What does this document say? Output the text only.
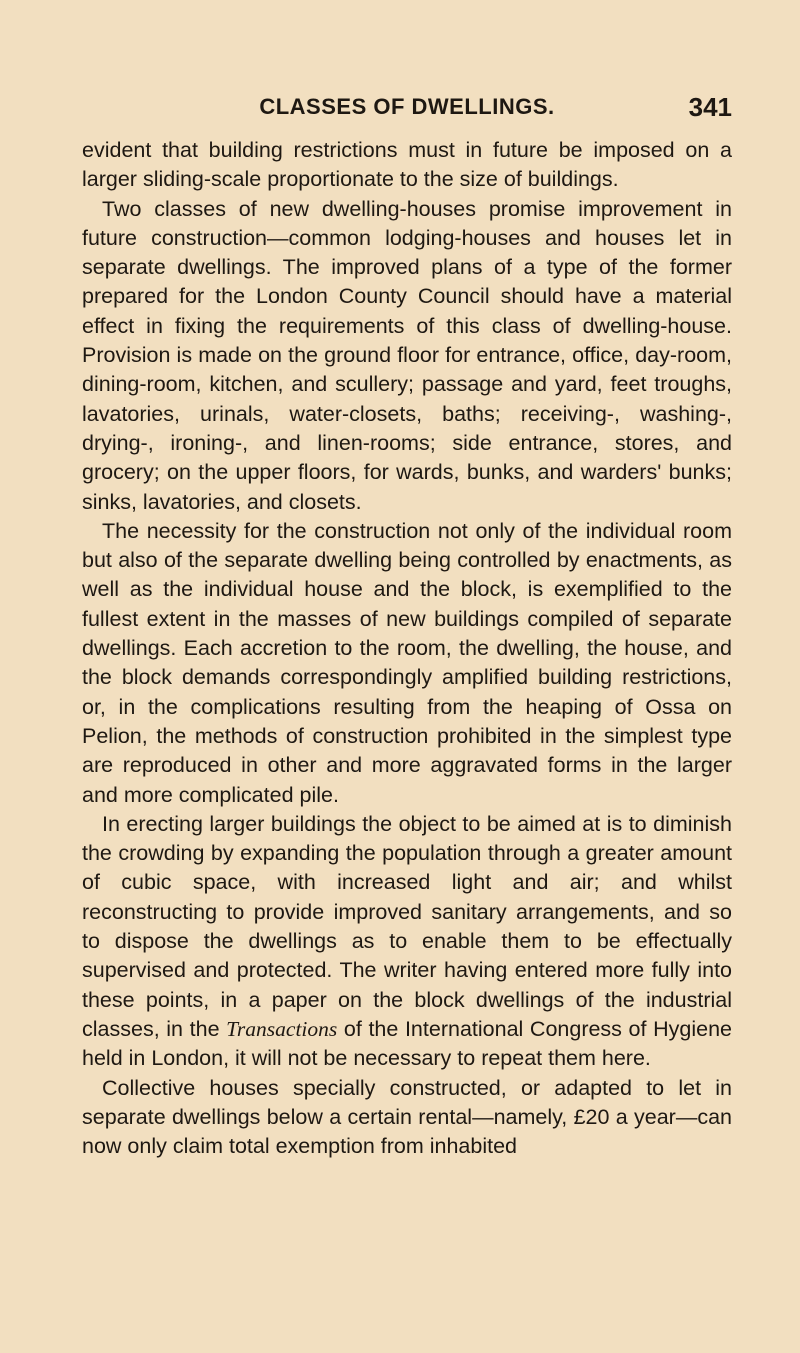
CLASSES OF DWELLINGS.	341

evident that building restrictions must in future be imposed on a larger sliding-scale proportionate to the size of buildings.

Two classes of new dwelling-houses promise improvement in future construction—common lodging-houses and houses let in separate dwellings. The improved plans of a type of the former prepared for the London County Council should have a material effect in fixing the requirements of this class of dwelling-house. Provision is made on the ground floor for entrance, office, day-room, dining-room, kitchen, and scullery; passage and yard, feet troughs, lavatories, urinals, water-closets, baths; receiving-, washing-, drying-, ironing-, and linen-rooms; side entrance, stores, and grocery; on the upper floors, for wards, bunks, and warders' bunks; sinks, lavatories, and closets.

The necessity for the construction not only of the individual room but also of the separate dwelling being controlled by enactments, as well as the individual house and the block, is exemplified to the fullest extent in the masses of new buildings compiled of separate dwellings. Each accretion to the room, the dwelling, the house, and the block demands correspondingly amplified building restrictions, or, in the complications resulting from the heaping of Ossa on Pelion, the methods of construction prohibited in the simplest type are reproduced in other and more aggravated forms in the larger and more complicated pile.

In erecting larger buildings the object to be aimed at is to diminish the crowding by expanding the population through a greater amount of cubic space, with increased light and air; and whilst reconstructing to provide improved sanitary arrangements, and so to dispose the dwellings as to enable them to be effectually supervised and protected. The writer having entered more fully into these points, in a paper on the block dwellings of the industrial classes, in the Transactions of the International Congress of Hygiene held in London, it will not be necessary to repeat them here.

Collective houses specially constructed, or adapted to let in separate dwellings below a certain rental—namely, £20 a year—can now only claim total exemption from inhabited
